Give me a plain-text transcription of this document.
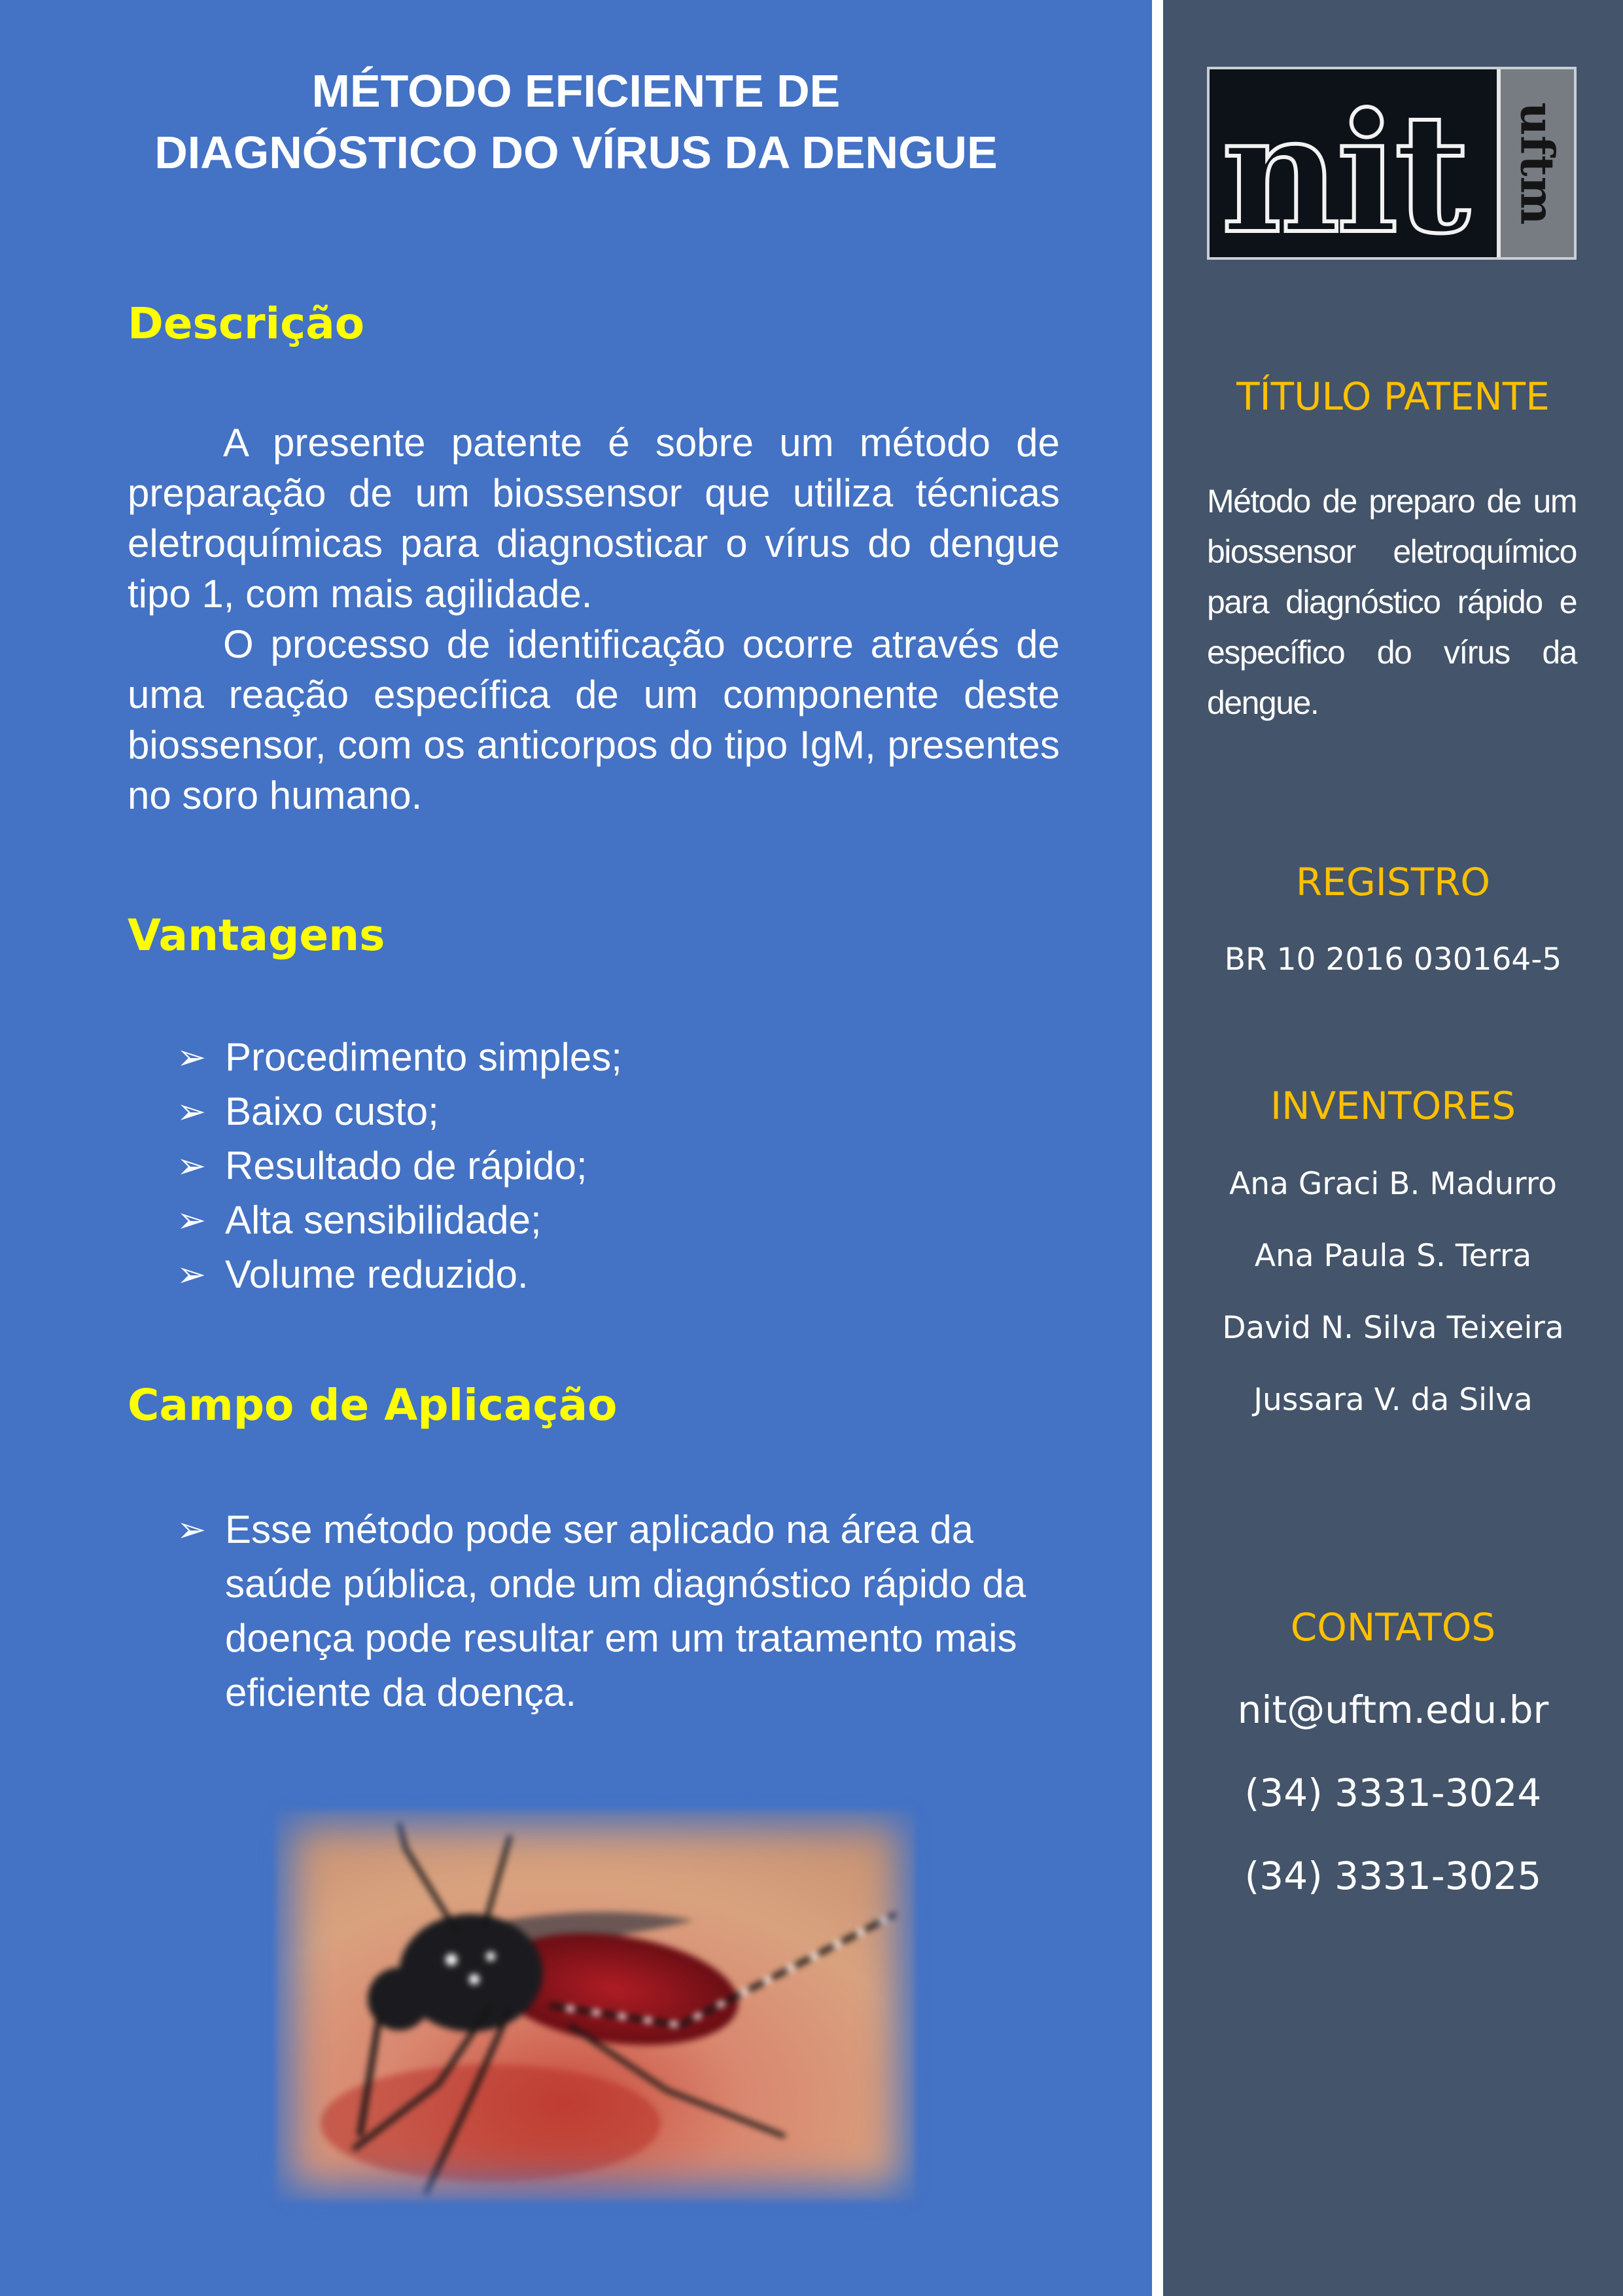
MÉTODO EFICIENTE DE
DIAGNÓSTICO DO VÍRUS DA DENGUE
Descrição

A presente patente é sobre um método de preparação de um biossensor que utiliza técnicas eletroquímicas para diagnosticar o vírus do dengue tipo 1, com mais agilidade.

O processo de identificação ocorre através de uma reação específica de um componente deste biossensor, com os anticorpos do tipo IgM, presentes no soro humano.

Vantagens
➢ Procedimento simples;
➢ Baixo custo;
➢ Resultado de rápido;
➢ Alta sensibilidade;
➢ Volume reduzido.
Campo de Aplicação
➢ Esse método pode ser aplicado na área da saúde pública, onde um diagnóstico rápido da doença pode resultar em um tratamento mais eficiente da doença.
nit uftm
TÍTULO PATENTE
Método de preparo de um biossensor eletroquímico para diagnóstico rápido e específico do vírus da dengue.
REGISTRO
BR 10 2016 030164-5
INVENTORES
Ana Graci B. Madurro
Ana Paula S. Terra
David N. Silva Teixeira
Jussara V. da Silva
CONTATOS
nit@uftm.edu.br
(34) 3331-3024
(34) 3331-3025
